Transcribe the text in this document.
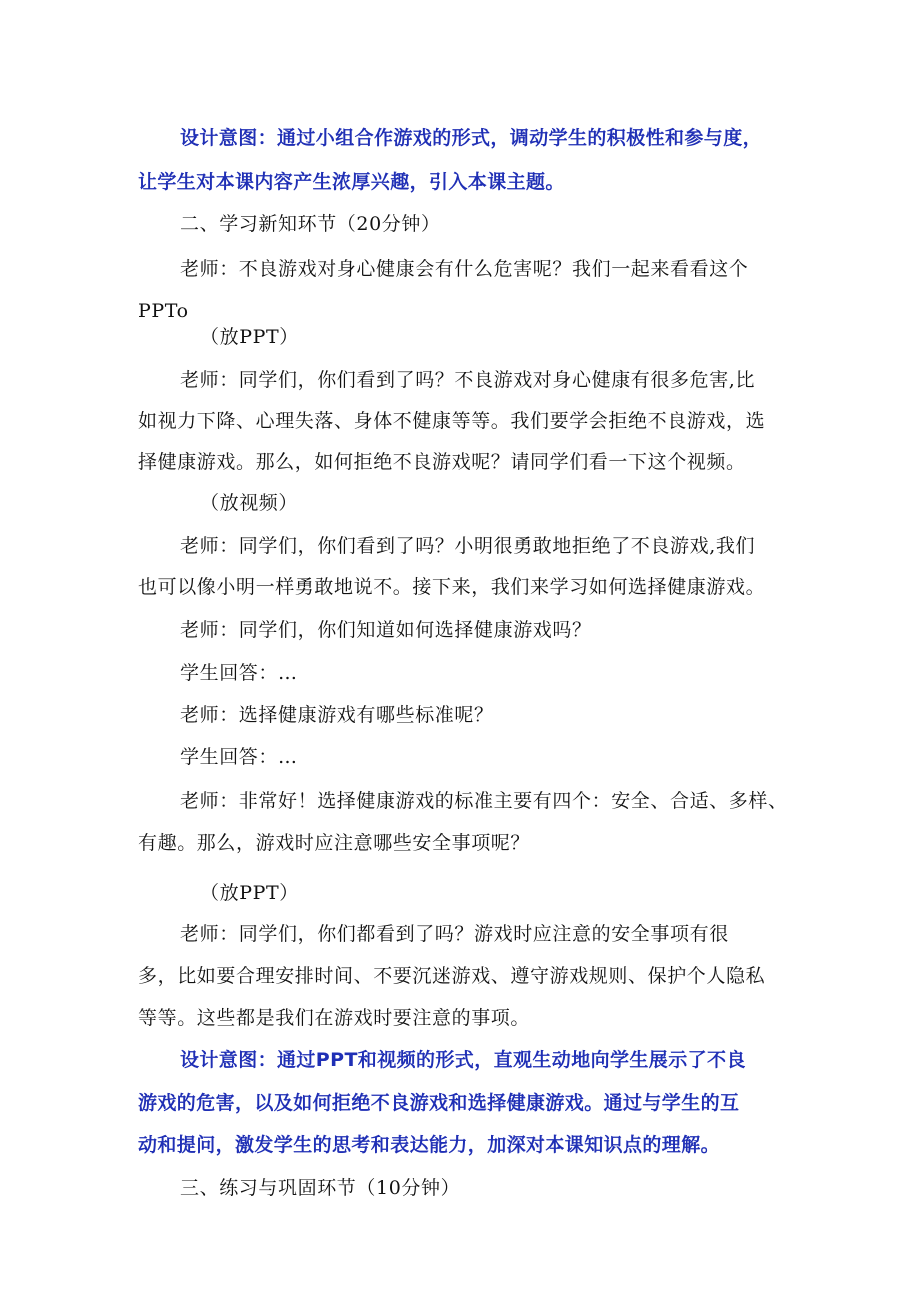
设计意图：通过小组合作游戏的形式，调动学生的积极性和参与度，
让学生对本课内容产生浓厚兴趣，引入本课主题。
二、学习新知环节（20分钟）
老师：不良游戏对身心健康会有什么危害呢？我们一起来看看这个
PPTo
（放PPT）
老师：同学们，你们看到了吗？不良游戏对身心健康有很多危害,比
如视力下降、心理失落、身体不健康等等。我们要学会拒绝不良游戏，选
择健康游戏。那么，如何拒绝不良游戏呢？请同学们看一下这个视频。
（放视频）
老师：同学们，你们看到了吗？小明很勇敢地拒绝了不良游戏,我们
也可以像小明一样勇敢地说不。接下来，我们来学习如何选择健康游戏。
老师：同学们，你们知道如何选择健康游戏吗？
学生回答：…
老师：选择健康游戏有哪些标准呢？
学生回答：…
老师：非常好！选择健康游戏的标准主要有四个：安全、合适、多样、
有趣。那么，游戏时应注意哪些安全事项呢？
（放PPT）
老师：同学们，你们都看到了吗？游戏时应注意的安全事项有很
多，比如要合理安排时间、不要沉迷游戏、遵守游戏规则、保护个人隐私
等等。这些都是我们在游戏时要注意的事项。
设计意图：通过PPT和视频的形式，直观生动地向学生展示了不良
游戏的危害，以及如何拒绝不良游戏和选择健康游戏。通过与学生的互
动和提问，激发学生的思考和表达能力，加深对本课知识点的理解。
三、练习与巩固环节（10分钟）
